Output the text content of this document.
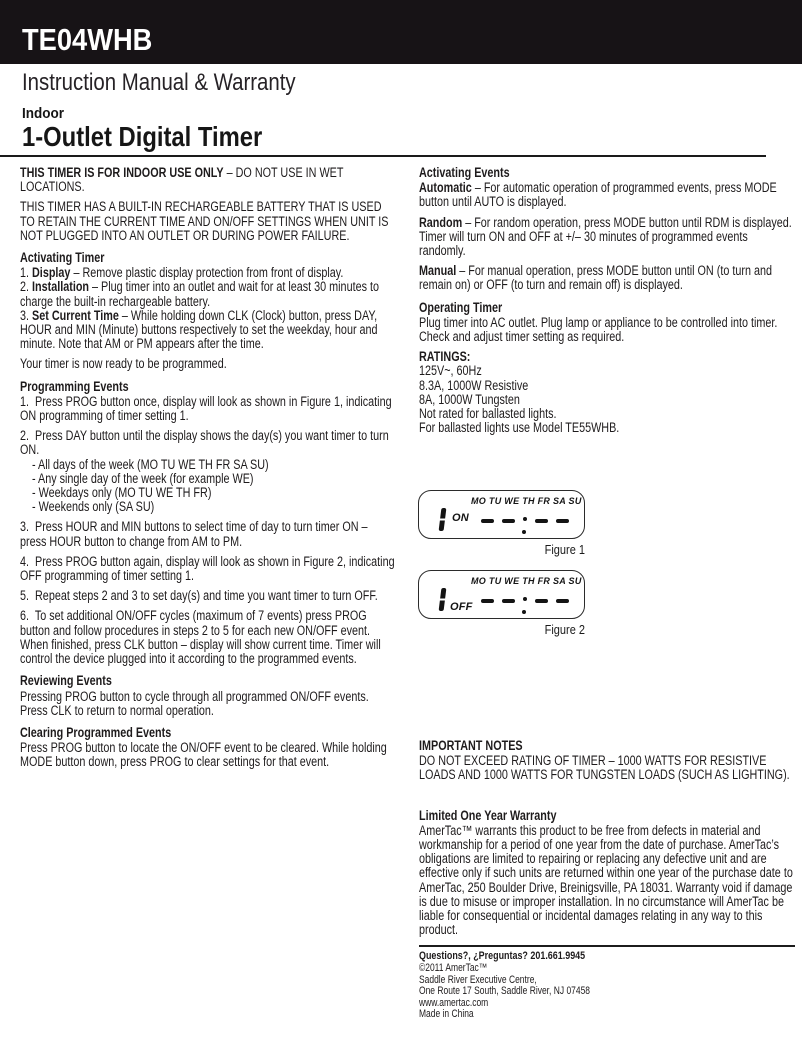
TE04WHB
Instruction Manual & Warranty
Indoor
1-Outlet Digital Timer
THIS TIMER IS FOR INDOOR USE ONLY – DO NOT USE IN WET LOCATIONS.
THIS TIMER HAS A BUILT-IN RECHARGEABLE BATTERY THAT IS USED TO RETAIN THE CURRENT TIME AND ON/OFF SETTINGS WHEN UNIT IS NOT PLUGGED INTO AN OUTLET OR DURING POWER FAILURE.
Activating Timer
1. Display – Remove plastic display protection from front of display.
2. Installation – Plug timer into an outlet and wait for at least 30 minutes to charge the built-in rechargeable battery.
3. Set Current Time – While holding down CLK (Clock) button, press DAY, HOUR and MIN (Minute) buttons respectively to set the weekday, hour and minute. Note that AM or PM appears after the time.
Your timer is now ready to be programmed.
Programming Events
1.  Press PROG button once, display will look as shown in Figure 1, indicating ON programming of timer setting 1.
2.  Press DAY button until the display shows the day(s) you want timer to turn ON.
- All days of the week (MO TU WE TH FR SA SU)
- Any single day of the week (for example WE)
- Weekdays only (MO TU WE TH FR)
- Weekends only (SA SU)
3.  Press HOUR and MIN buttons to select time of day to turn timer ON – press HOUR button to change from AM to PM.
4.  Press PROG button again, display will look as shown in Figure 2, indicating OFF programming of timer setting 1.
5.  Repeat steps 2 and 3 to set day(s) and time you want timer to turn OFF.
6.  To set additional ON/OFF cycles (maximum of 7 events) press PROG button and follow procedures in steps 2 to 5 for each new ON/OFF event. When finished, press CLK button – display will show current time. Timer will control the device plugged into it according to the programmed events.
Reviewing Events
Pressing PROG button to cycle through all programmed ON/OFF events. Press CLK to return to normal operation.
Clearing Programmed Events
Press PROG button to locate the ON/OFF event to be cleared. While holding MODE button down, press PROG to clear settings for that event.
Activating Events
Automatic – For automatic operation of programmed events, press MODE button until AUTO is displayed.
Random – For random operation, press MODE button until RDM is displayed. Timer will turn ON and OFF at +/– 30 minutes of programmed events randomly.
Manual – For manual operation, press MODE button until ON (to turn and remain on) or OFF (to turn and remain off) is displayed.
Operating Timer
Plug timer into AC outlet. Plug lamp or appliance to be controlled into timer. Check and adjust timer setting as required.
RATINGS:
125V~, 60Hz
8.3A, 1000W Resistive
8A, 1000W Tungsten
Not rated for ballasted lights.
For ballasted lights use Model TE55WHB.
IMPORTANT NOTES
DO NOT EXCEED RATING OF TIMER – 1000 WATTS FOR RESISTIVE LOADS AND 1000 WATTS FOR TUNGSTEN LOADS (SUCH AS LIGHTING).
Limited One Year Warranty
AmerTac™ warrants this product to be free from defects in material and workmanship for a period of one year from the date of purchase. AmerTac’s obligations are limited to repairing or replacing any defective unit and are effective only if such units are returned within one year of the purchase date to AmerTac, 250 Boulder Drive, Breinigsville, PA 18031. Warranty void if damage is due to misuse or improper installation. In no circumstance will AmerTac be liable for consequential or incidental damages relating in any way to this product.
Questions?, ¿Preguntas? 201.661.9945
©2011 AmerTac™
Saddle River Executive Centre,
One Route 17 South, Saddle River, NJ 07458
www.amertac.com
Made in China
MO TU WE TH FR SA SU
ON
Figure 1
MO TU WE TH FR SA SU
OFF
Figure 2
